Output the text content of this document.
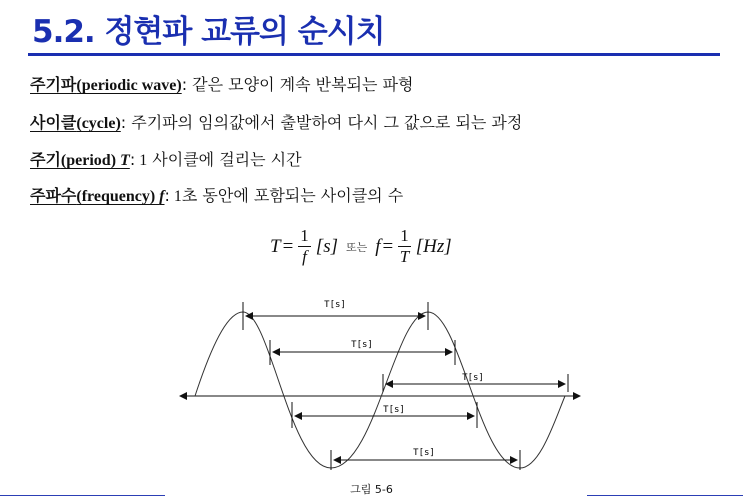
5.2. 정현파 교류의 순시치
주기파(periodic wave): 같은 모양이 계속 반복되는 파형
사이클(cycle): 주기파의 임의값에서 출발하여 다시 그 값으로 되는 과정
주기(period) T: 1 사이클에 걸리는 시간
주파수(frequency) f: 1초 동안에 포함되는 사이클의 수
$T = \frac{1}{f} [s]$ 또는 $f = \frac{1}{T} [Hz]$
T[s]
T[s]
T[s]
T[s]
T[s]
그림 5-6
